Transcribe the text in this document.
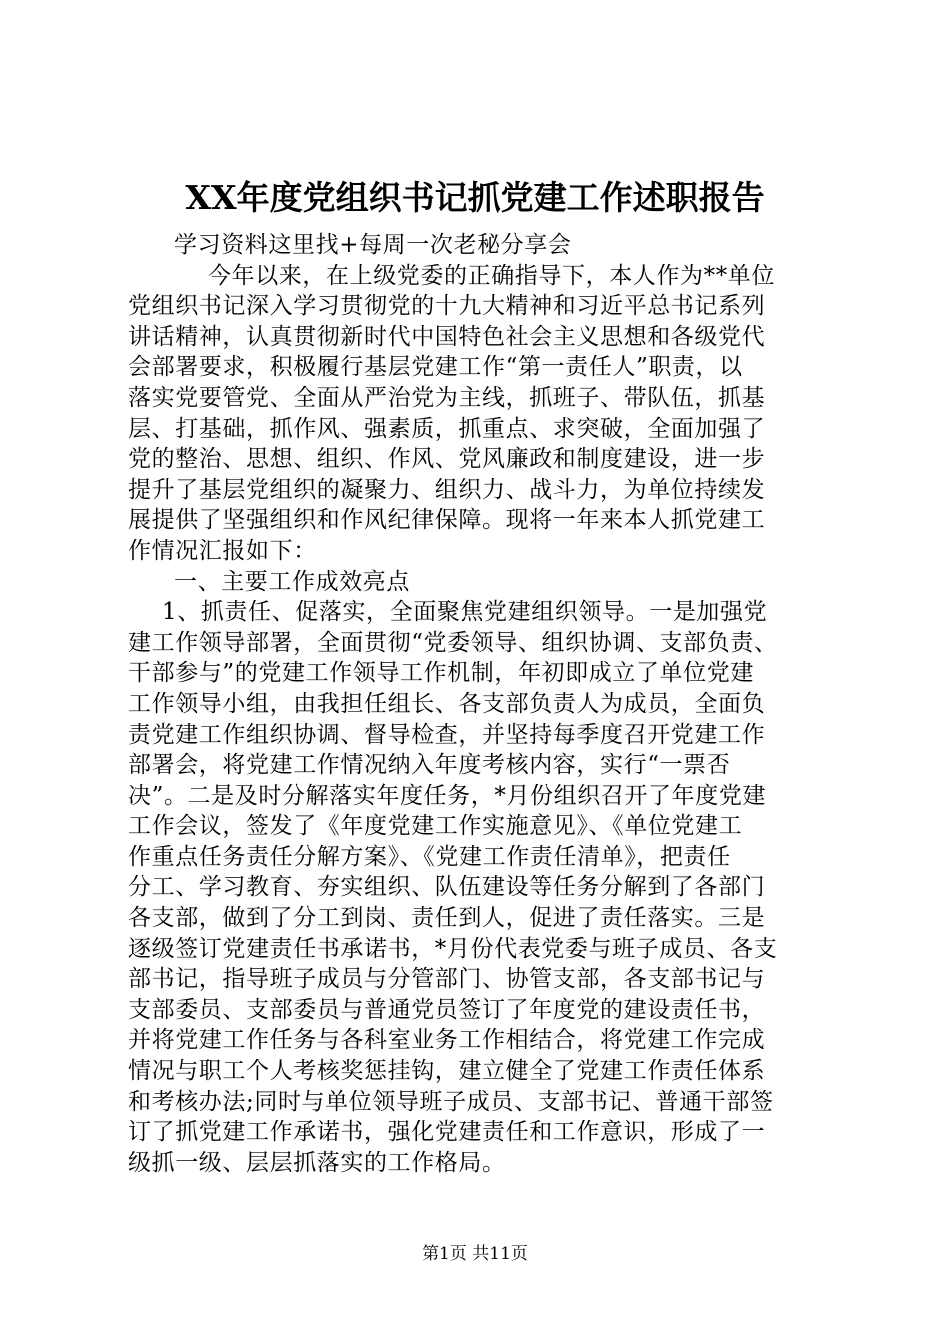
XX年度党组织书记抓党建工作述职报告
学习资料这里找+每周一次老秘分享会
今年以来，在上级党委的正确指导下，本人作为**单位
党组织书记深入学习贯彻党的十九大精神和习近平总书记系列
讲话精神，认真贯彻新时代中国特色社会主义思想和各级党代
会部署要求，积极履行基层党建工作“第一责任人”职责，以
落实党要管党、全面从严治党为主线，抓班子、带队伍，抓基
层、打基础，抓作风、强素质，抓重点、求突破，全面加强了
党的整治、思想、组织、作风、党风廉政和制度建设，进一步
提升了基层党组织的凝聚力、组织力、战斗力，为单位持续发
展提供了坚强组织和作风纪律保障。现将一年来本人抓党建工
作情况汇报如下：
一、主要工作成效亮点
1、抓责任、促落实，全面聚焦党建组织领导。一是加强党
建工作领导部署，全面贯彻“党委领导、组织协调、支部负责、
干部参与”的党建工作领导工作机制，年初即成立了单位党建
工作领导小组，由我担任组长、各支部负责人为成员，全面负
责党建工作组织协调、督导检查，并坚持每季度召开党建工作
部署会，将党建工作情况纳入年度考核内容，实行“一票否
决”。二是及时分解落实年度任务，*月份组织召开了年度党建
工作会议，签发了《年度党建工作实施意见》、《单位党建工
作重点任务责任分解方案》、《党建工作责任清单》，把责任
分工、学习教育、夯实组织、队伍建设等任务分解到了各部门
各支部，做到了分工到岗、责任到人，促进了责任落实。三是
逐级签订党建责任书承诺书，*月份代表党委与班子成员、各支
部书记，指导班子成员与分管部门、协管支部，各支部书记与
支部委员、支部委员与普通党员签订了年度党的建设责任书，
并将党建工作任务与各科室业务工作相结合，将党建工作完成
情况与职工个人考核奖惩挂钩，建立健全了党建工作责任体系
和考核办法;同时与单位领导班子成员、支部书记、普通干部签
订了抓党建工作承诺书，强化党建责任和工作意识，形成了一
级抓一级、层层抓落实的工作格局。
第1页 共11页
